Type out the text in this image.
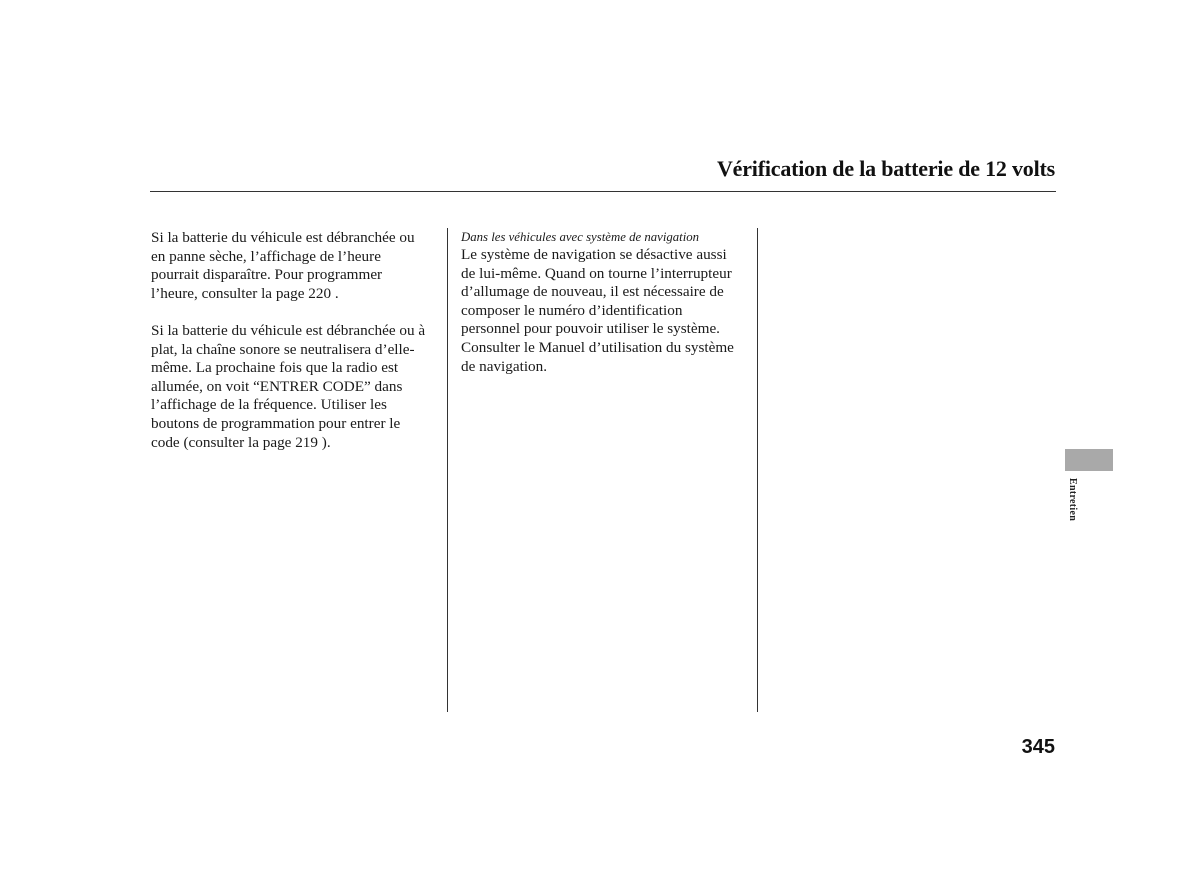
Vérification de la batterie de 12 volts

Si la batterie du véhicule est débranchée ou
en panne sèche, l’affichage de l’heure
pourrait disparaître. Pour programmer
l’heure, consulter la page 220 .

Si la batterie du véhicule est débranchée ou à
plat, la chaîne sonore se neutralisera d’elle-
même. La prochaine fois que la radio est
allumée, on voit “ENTRER CODE” dans
l’affichage de la fréquence. Utiliser les
boutons de programmation pour entrer le
code (consulter la page 219 ).

Dans les véhicules avec système de navigation

Le système de navigation se désactive aussi
de lui-même. Quand on tourne l’interrupteur
d’allumage de nouveau, il est nécessaire de
composer le numéro d’identification
personnel pour pouvoir utiliser le système.
Consulter le Manuel d’utilisation du système
de navigation.

Entretien
345
